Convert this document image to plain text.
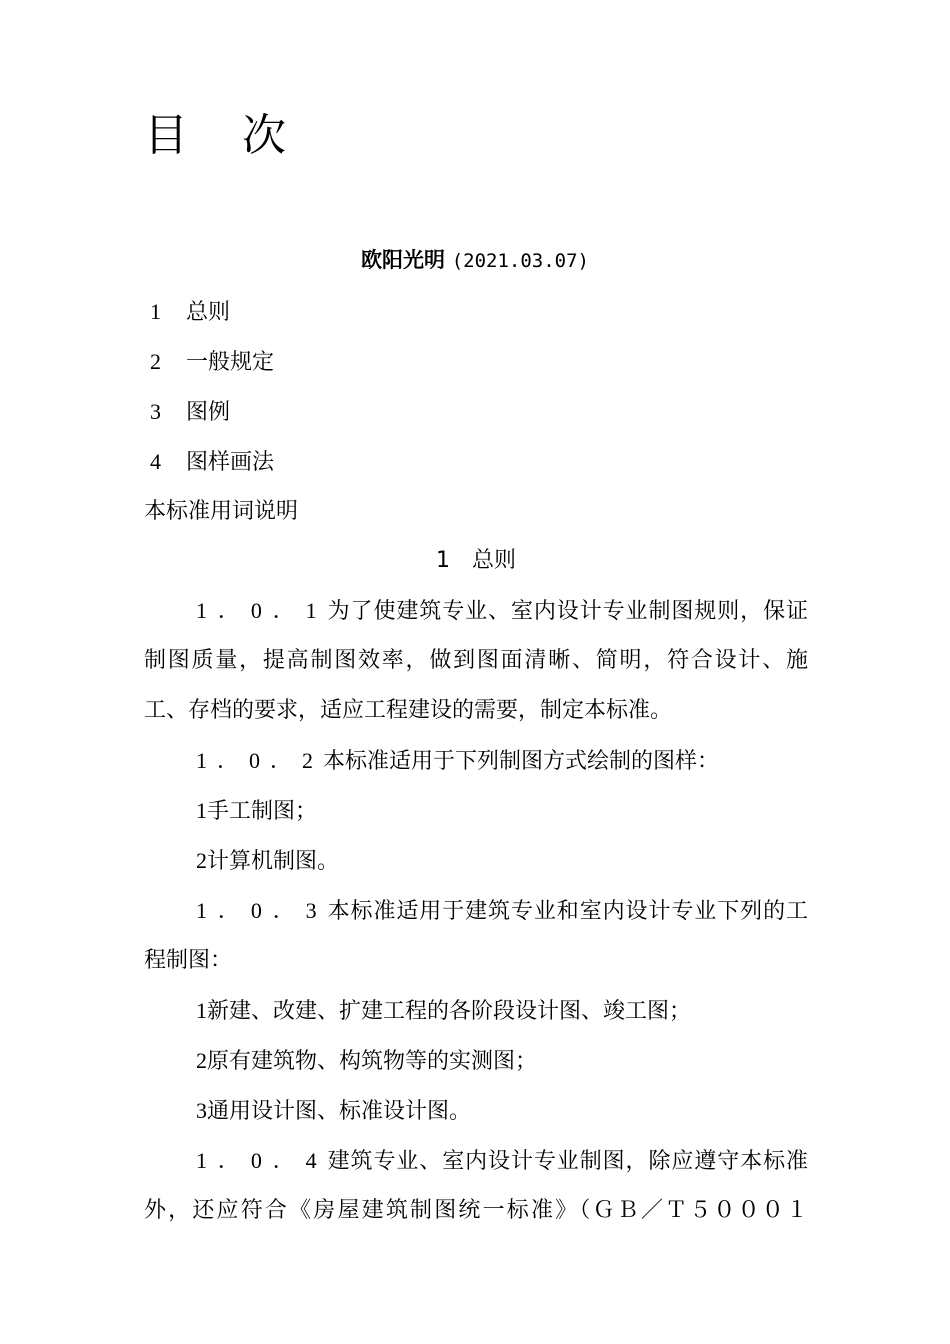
目 次
欧阳光明 (2021.03.07)
1 总则
2 一般规定
3 图例
4 图样画法
本标准用词说明
1　总则
1．0．1为了使建筑专业、室内设计专业制图规则，保证
制图质量，提高制图效率，做到图面清晰、简明，符合设计、施
工、存档的要求，适应工程建设的需要，制定本标准。
1．0．2本标准适用于下列制图方式绘制的图样：
1手工制图；
2计算机制图。
1．0．3本标准适用于建筑专业和室内设计专业下列的工
程制图：
1新建、改建、扩建工程的各阶段设计图、竣工图；
2原有建筑物、构筑物等的实测图；
3通用设计图、标准设计图。
1．0．4建筑专业、室内设计专业制图，除应遵守本标准
外，还应符合《房屋建筑制图统一标准》（ＧＢ／Ｔ５０００１
